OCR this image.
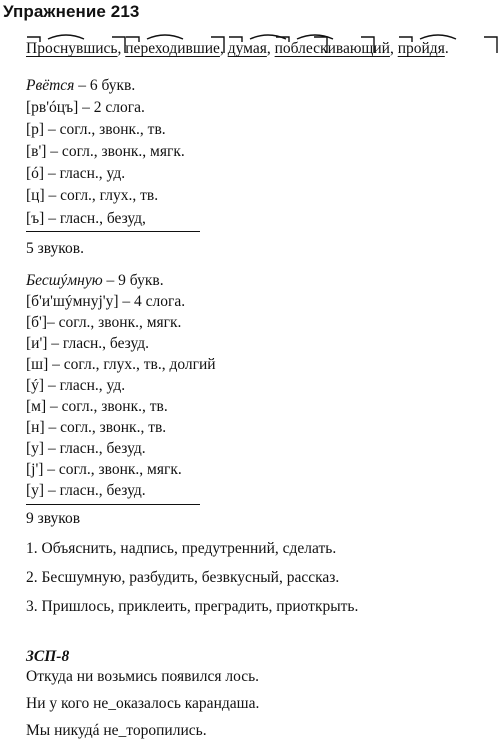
Упражнение 213
Проснувшись
, переходившие
, думая
, поблескивающий
, пройдя
.
Рвётся – 6 букв.
[рв'óцъ] – 2 слога.
[р] – согл., звонк., тв.
[в'] – согл., звонк., мягк.
[ó] – гласн., уд.
[ц] – согл., глух., тв.
[ъ] – гласн., безуд,
5 звуков.
Бесшýмную – 9 букв.
[б'и'шýмнуj'у] – 4 слога.
[б']– согл., звонк., мягк.
[и'] – гласн., безуд.
[ш] – согл., глух., тв., долгий
[ý] – гласн., уд.
[м] – согл., звонк., тв.
[н] – согл., звонк., тв.
[у] – гласн., безуд.
[j'] – согл., звонк., мягк.
[у] – гласн., безуд.
9 звуков
1. Объяснить, надпись, предутренний, сделать.
2. Бесшумную, разбудить, безвкусный, рассказ.
3. Пришлось, приклеить, преградить, приоткрыть.
ЗСП-8
Откуда ни возьмись появился лось.
Ни у кого не_оказалось карандаша.
Мы никудá не_торопились.
